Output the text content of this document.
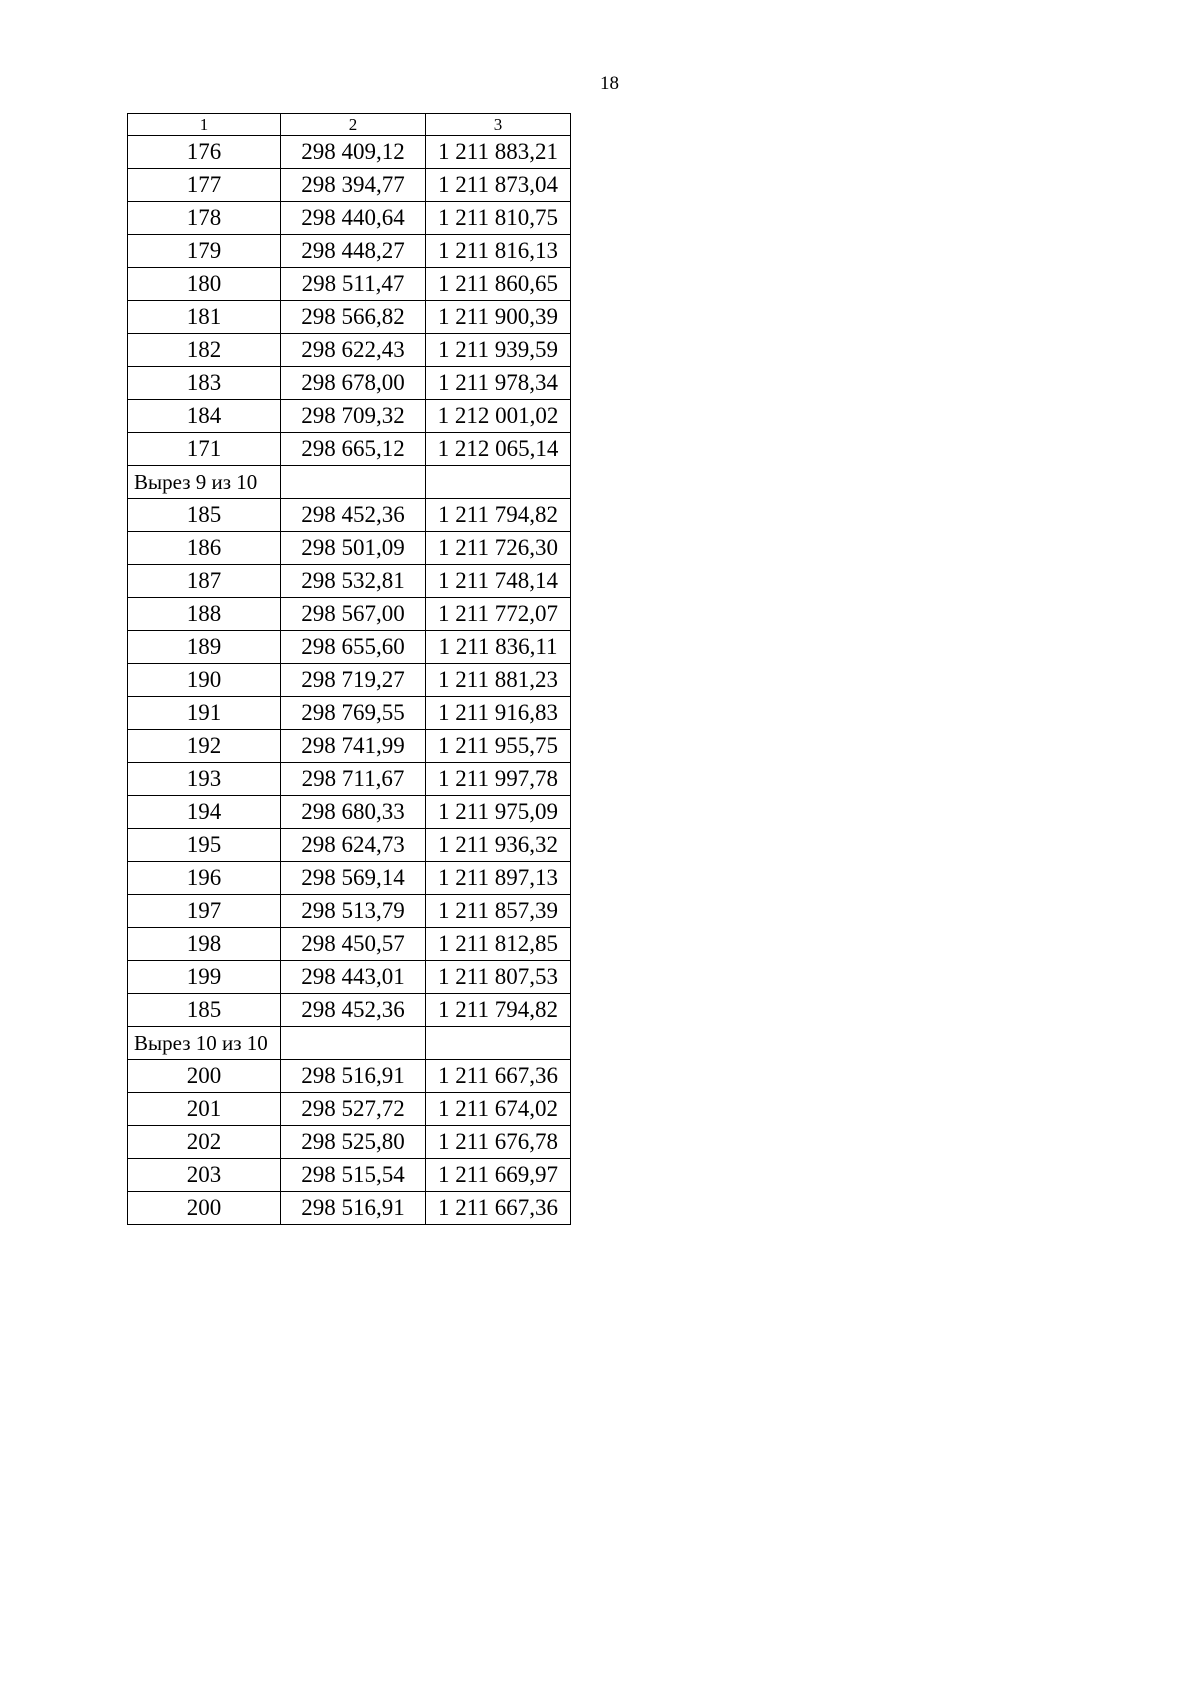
18
1	2	3
176	298 409,12	1 211 883,21
177	298 394,77	1 211 873,04
178	298 440,64	1 211 810,75
179	298 448,27	1 211 816,13
180	298 511,47	1 211 860,65
181	298 566,82	1 211 900,39
182	298 622,43	1 211 939,59
183	298 678,00	1 211 978,34
184	298 709,32	1 212 001,02
171	298 665,12	1 212 065,14
Вырез 9 из 10		
185	298 452,36	1 211 794,82
186	298 501,09	1 211 726,30
187	298 532,81	1 211 748,14
188	298 567,00	1 211 772,07
189	298 655,60	1 211 836,11
190	298 719,27	1 211 881,23
191	298 769,55	1 211 916,83
192	298 741,99	1 211 955,75
193	298 711,67	1 211 997,78
194	298 680,33	1 211 975,09
195	298 624,73	1 211 936,32
196	298 569,14	1 211 897,13
197	298 513,79	1 211 857,39
198	298 450,57	1 211 812,85
199	298 443,01	1 211 807,53
185	298 452,36	1 211 794,82
Вырез 10 из 10		
200	298 516,91	1 211 667,36
201	298 527,72	1 211 674,02
202	298 525,80	1 211 676,78
203	298 515,54	1 211 669,97
200	298 516,91	1 211 667,36
